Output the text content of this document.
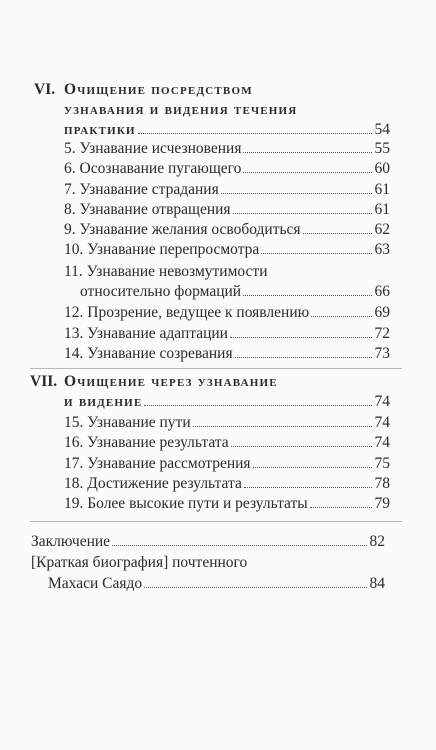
VI. Очищение посредством
узнавания и видения течения
практики	54
5. Узнавание исчезновения	55
6. Осознавание пугающего	60
7. Узнавание страдания	61
8. Узнавание отвращения	61
9. Узнавание желания освободиться	62
10. Узнавание перепросмотра	63
11. Узнавание невозмутимости
относительно формаций	66
12. Прозрение, ведущее к появлению	69
13. Узнавание адаптации	72
14. Узнавание созревания	73
VII. Очищение через узнавание
и видение	74
15. Узнавание пути	74
16. Узнавание результата	74
17. Узнавание рассмотрения	75
18. Достижение результата	78
19. Более высокие пути и результаты	79
Заключение	82
[Краткая биография] почтенного
Махаси Саядо	84
